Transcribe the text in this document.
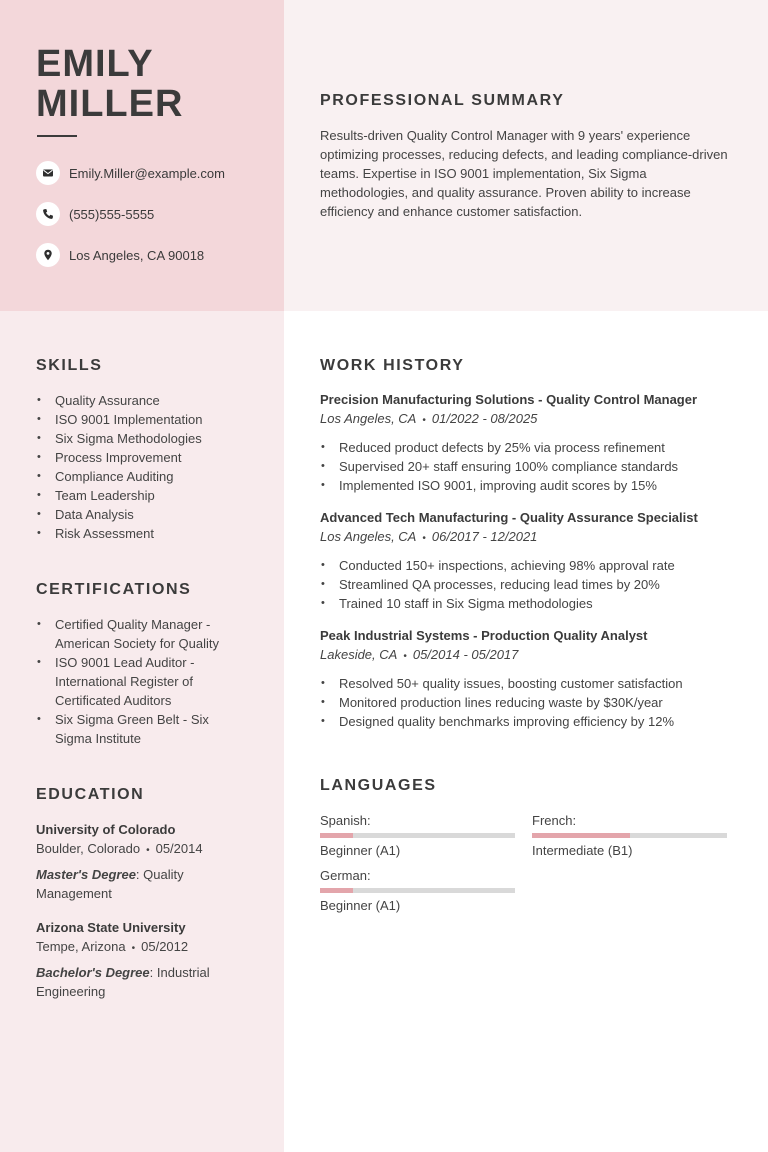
EMILY
MILLER
Emily.Miller@example.com
(555)555-5555
Los Angeles, CA 90018
PROFESSIONAL SUMMARY
Results-driven Quality Control Manager with 9 years' experience optimizing processes, reducing defects, and leading compliance-driven teams. Expertise in ISO 9001 implementation, Six Sigma methodologies, and quality assurance. Proven ability to increase efficiency and enhance customer satisfaction.
SKILLS
• Quality Assurance
• ISO 9001 Implementation
• Six Sigma Methodologies
• Process Improvement
• Compliance Auditing
• Team Leadership
• Data Analysis
• Risk Assessment
CERTIFICATIONS
• Certified Quality Manager - American Society for Quality
• ISO 9001 Lead Auditor - International Register of Certificated Auditors
• Six Sigma Green Belt - Six Sigma Institute
EDUCATION
University of Colorado
Boulder, Colorado • 05/2014
Master's Degree: Quality Management
Arizona State University
Tempe, Arizona • 05/2012
Bachelor's Degree: Industrial Engineering
WORK HISTORY
Precision Manufacturing Solutions - Quality Control Manager
Los Angeles, CA • 01/2022 - 08/2025
• Reduced product defects by 25% via process refinement
• Supervised 20+ staff ensuring 100% compliance standards
• Implemented ISO 9001, improving audit scores by 15%
Advanced Tech Manufacturing - Quality Assurance Specialist
Los Angeles, CA • 06/2017 - 12/2021
• Conducted 150+ inspections, achieving 98% approval rate
• Streamlined QA processes, reducing lead times by 20%
• Trained 10 staff in Six Sigma methodologies
Peak Industrial Systems - Production Quality Analyst
Lakeside, CA • 05/2014 - 05/2017
• Resolved 50+ quality issues, boosting customer satisfaction
• Monitored production lines reducing waste by $30K/year
• Designed quality benchmarks improving efficiency by 12%
LANGUAGES
Spanish:
Beginner (A1)
French:
Intermediate (B1)
German:
Beginner (A1)
